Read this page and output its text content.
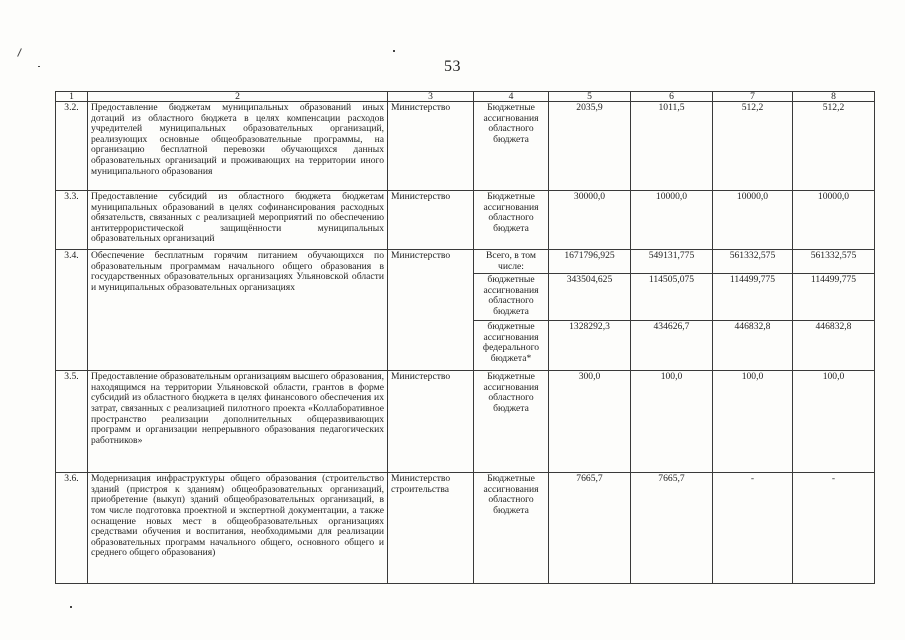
53
1	2	3	4	5	6	7	8
3.2.	Предоставление бюджетам муниципальных образований иных дотаций из областного бюджета в целях компенсации расходов учредителей муниципальных образовательных организаций, реализующих основные общеобразовательные программы, на организацию бесплатной перевозки обучающихся данных образовательных организаций и проживающих на территории иного муниципального образования	Министерство	Бюджетные ассигнования областного бюджета	2035,9	1011,5	512,2	512,2
3.3.	Предоставление субсидий из областного бюджета бюджетам муниципальных образований в целях софинансирования расходных обязательств, связанных с реализацией мероприятий по обеспечению антитеррористической защищённости муниципальных образовательных организаций	Министерство	Бюджетные ассигнования областного бюджета	30000,0	10000,0	10000,0	10000,0
3.4.	Обеспечение бесплатным горячим питанием обучающихся по образовательным программам начального общего образования в государственных образовательных организациях Ульяновской области и муниципальных образовательных организациях	Министерство	Всего, в том числе:	1671796,925	549131,775	561332,575	561332,575
			бюджетные ассигнования областного бюджета	343504,625	114505,075	114499,775	114499,775
			бюджетные ассигнования федерального бюджета*	1328292,3	434626,7	446832,8	446832,8
3.5.	Предоставление образовательным организациям высшего образования, находящимся на территории Ульяновской области, грантов в форме субсидий из областного бюджета в целях финансового обеспечения их затрат, связанных с реализацией пилотного проекта «Коллаборативное пространство реализации дополнительных общеразвивающих программ и организации непрерывного образования педагогических работников»	Министерство	Бюджетные ассигнования областного бюджета	300,0	100,0	100,0	100,0
3.6.	Модернизация инфраструктуры общего образования (строительство зданий (пристроя к зданиям) общеобразовательных организаций, приобретение (выкуп) зданий общеобразовательных организаций, в том числе подготовка проектной и экспертной документации, а также оснащение новых мест в общеобразовательных организациях средствами обучения и воспитания, необходимыми для реализации образовательных программ начального общего, основного общего и среднего общего образования)	Министерство строительства	Бюджетные ассигнования областного бюджета	7665,7	7665,7	-	-
